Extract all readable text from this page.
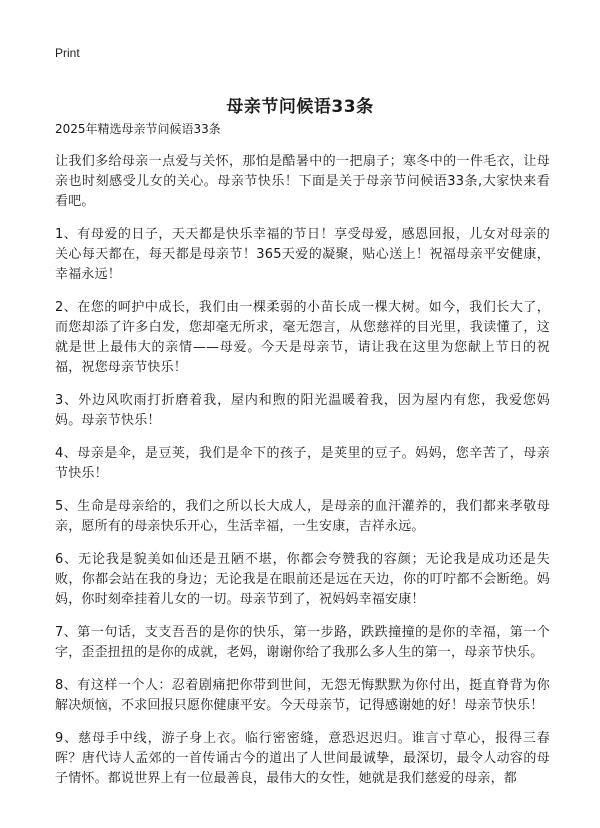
Print
母亲节问候语33条
2025年精选母亲节问候语33条

让我们多给母亲一点爱与关怀，那怕是酷暑中的一把扇子；寒冬中的一件毛衣，让母亲也时刻感受儿女的关心。母亲节快乐！下面是关于母亲节问候语33条,大家快来看看吧。

1、有母爱的日子，天天都是快乐幸福的节日！享受母爱，感恩回报，儿女对母亲的关心每天都在，每天都是母亲节！365天爱的凝聚，贴心送上！祝福母亲平安健康，幸福永远！

2、在您的呵护中成长，我们由一棵柔弱的小苗长成一棵大树。如今，我们长大了，而您却添了许多白发，您却毫无所求，毫无怨言，从您慈祥的目光里，我读懂了，这就是世上最伟大的亲情——母爱。今天是母亲节，请让我在这里为您献上节日的祝福，祝您母亲节快乐！

3、外边风吹雨打折磨着我，屋内和煦的阳光温暖着我，因为屋内有您，我爱您妈妈。母亲节快乐！

4、母亲是伞，是豆荚，我们是伞下的孩子，是荚里的豆子。妈妈，您辛苦了，母亲节快乐！

5、生命是母亲给的，我们之所以长大成人，是母亲的血汗灌养的，我们都来孝敬母亲，愿所有的母亲快乐开心，生活幸福，一生安康，吉祥永远。

6、无论我是貌美如仙还是丑陋不堪，你都会夸赞我的容颜；无论我是成功还是失败，你都会站在我的身边；无论我是在眼前还是远在天边，你的叮咛都不会断绝。妈妈，你时刻牵挂着儿女的一切。母亲节到了，祝妈妈幸福安康！

7、第一句话，支支吾吾的是你的快乐，第一步路，跌跌撞撞的是你的幸福，第一个字，歪歪扭扭的是你的成就，老妈，谢谢你给了我那么多人生的第一，母亲节快乐。

8、有这样一个人：忍着剧痛把你带到世间，无怨无悔默默为你付出，挺直脊背为你解决烦恼，不求回报只愿你健康平安。今天母亲节，记得感谢她的好！母亲节快乐！

9、慈母手中线，游子身上衣。临行密密缝，意恐迟迟归。谁言寸草心，报得三春晖？唐代诗人孟郊的一首传诵古今的道出了人世间最诚挚，最深切，最令人动容的母子情怀。都说世界上有一位最善良，最伟大的女性，她就是我们慈爱的母亲，都
